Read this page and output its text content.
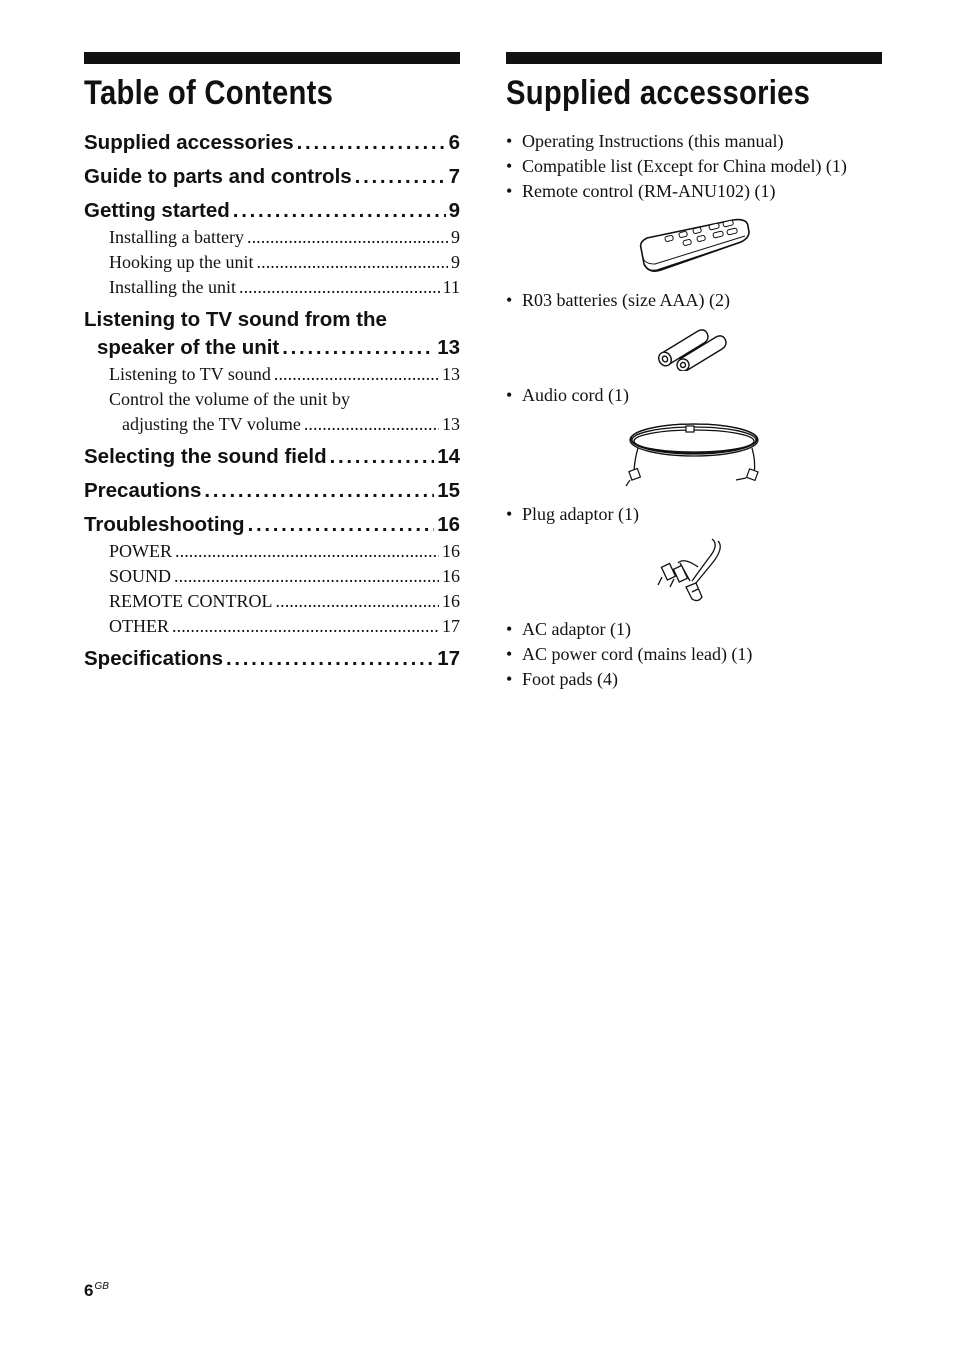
Table of Contents
Supplied accessories . . .	6
Guide to parts and controls . . .	7
Getting started . . .	9
Installing a battery . . .	9
Hooking up the unit . . .	9
Installing the unit . . .	11
Listening to TV sound from the
speaker of the unit . . .	13
Listening to TV sound . . .	13
Control the volume of the unit by
adjusting the TV volume . . .	13
Selecting the sound field . . .	14
Precautions . . .	15
Troubleshooting . . .	16
POWER . . .	16
SOUND . . .	16
REMOTE CONTROL . . .	16
OTHER . . .	17
Specifications . . .	17
Supplied accessories
• Operating Instructions (this manual)
• Compatible list (Except for China model) (1)
• Remote control (RM-ANU102) (1)
• R03 batteries (size AAA) (2)
• Audio cord (1)
• Plug adaptor (1)
• AC adaptor (1)
• AC power cord (mains lead) (1)
• Foot pads (4)
$6^{GB}$
